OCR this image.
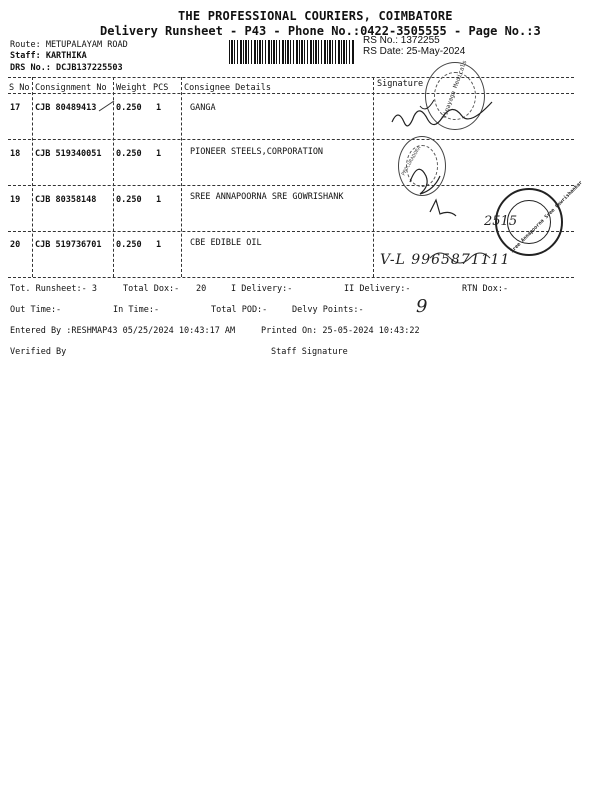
THE PROFESSIONAL COURIERS, COIMBATORE
Delivery Runsheet - P43 - Phone No.:0422-3505555 - Page No.:3
Route: METUPALAYAM ROAD
Staff: KARTHIKA
DRS No.: DCJB137225503
RS No.: 1372255
RS Date: 25-May-2024
S No Consignment No Weight PCS Consignee Details	Signature
17 CJB 80489413 0.250 1	GANGA
18 CJB 519340051 0.250 1	PIONEER STEELS,CORPORATION
19 CJB 80358148 0.250 1	SREE ANNAPOORNA SRE GOWRISHANK
20 CJB 519736701 0.250 1	CBE EDIBLE OIL
Vinayaga Medicals
PROCURADORA
Sree Annapoorna Sree Gowrishankar
2515
V-L 9965871111
Tot. Runsheet:- 3	Total Dox:- 20	I Delivery:-	II Delivery:-	RTN Dox:-
Out Time:-	In Time:-	Total POD:-	Delvy Points:-	9
Entered By :RESHMAP43 05/25/2024 10:43:17 AM	Printed On: 25-05-2024 10:43:22
Verified By	Staff Signature
